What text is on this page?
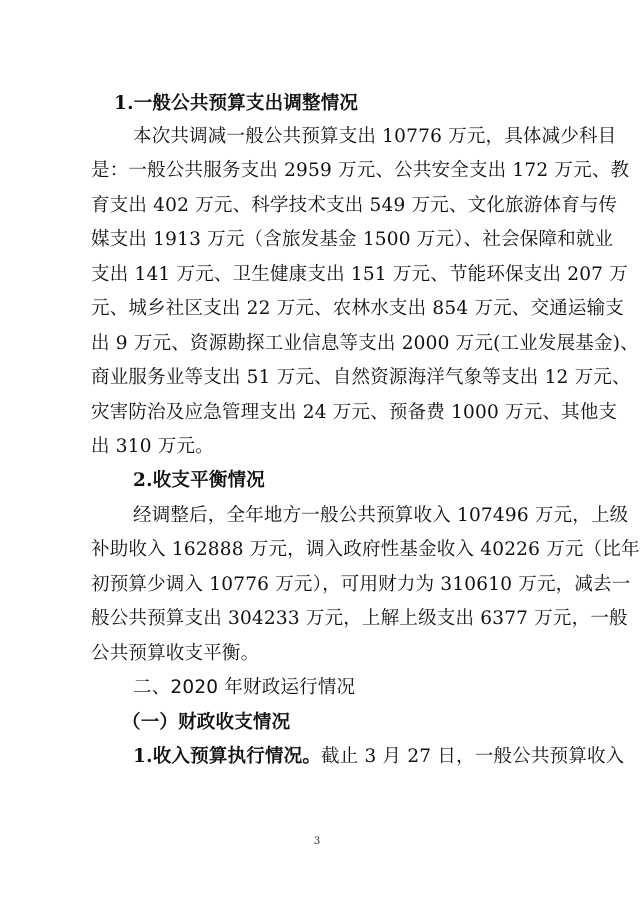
1.一般公共预算支出调整情况
本次共调减一般公共预算支出 10776 万元，具体减少科目
是：一般公共服务支出 2959 万元、公共安全支出 172 万元、教
育支出 402 万元、科学技术支出 549 万元、文化旅游体育与传
媒支出 1913 万元（含旅发基金 1500 万元）、社会保障和就业
支出 141 万元、卫生健康支出 151 万元、节能环保支出 207 万
元、城乡社区支出 22 万元、农林水支出 854 万元、交通运输支
出 9 万元、资源勘探工业信息等支出 2000 万元(工业发展基金)、
商业服务业等支出 51 万元、自然资源海洋气象等支出 12 万元、
灾害防治及应急管理支出 24 万元、预备费 1000 万元、其他支
出 310 万元。
2.收支平衡情况
经调整后，全年地方一般公共预算收入 107496 万元，上级
补助收入 162888 万元，调入政府性基金收入 40226 万元（比年
初预算少调入 10776 万元），可用财力为 310610 万元，减去一
般公共预算支出 304233 万元，上解上级支出 6377 万元，一般
公共预算收支平衡。
二、2020 年财政运行情况
（一）财政收支情况
1.收入预算执行情况。截止 3 月 27 日，一般公共预算收入
3
